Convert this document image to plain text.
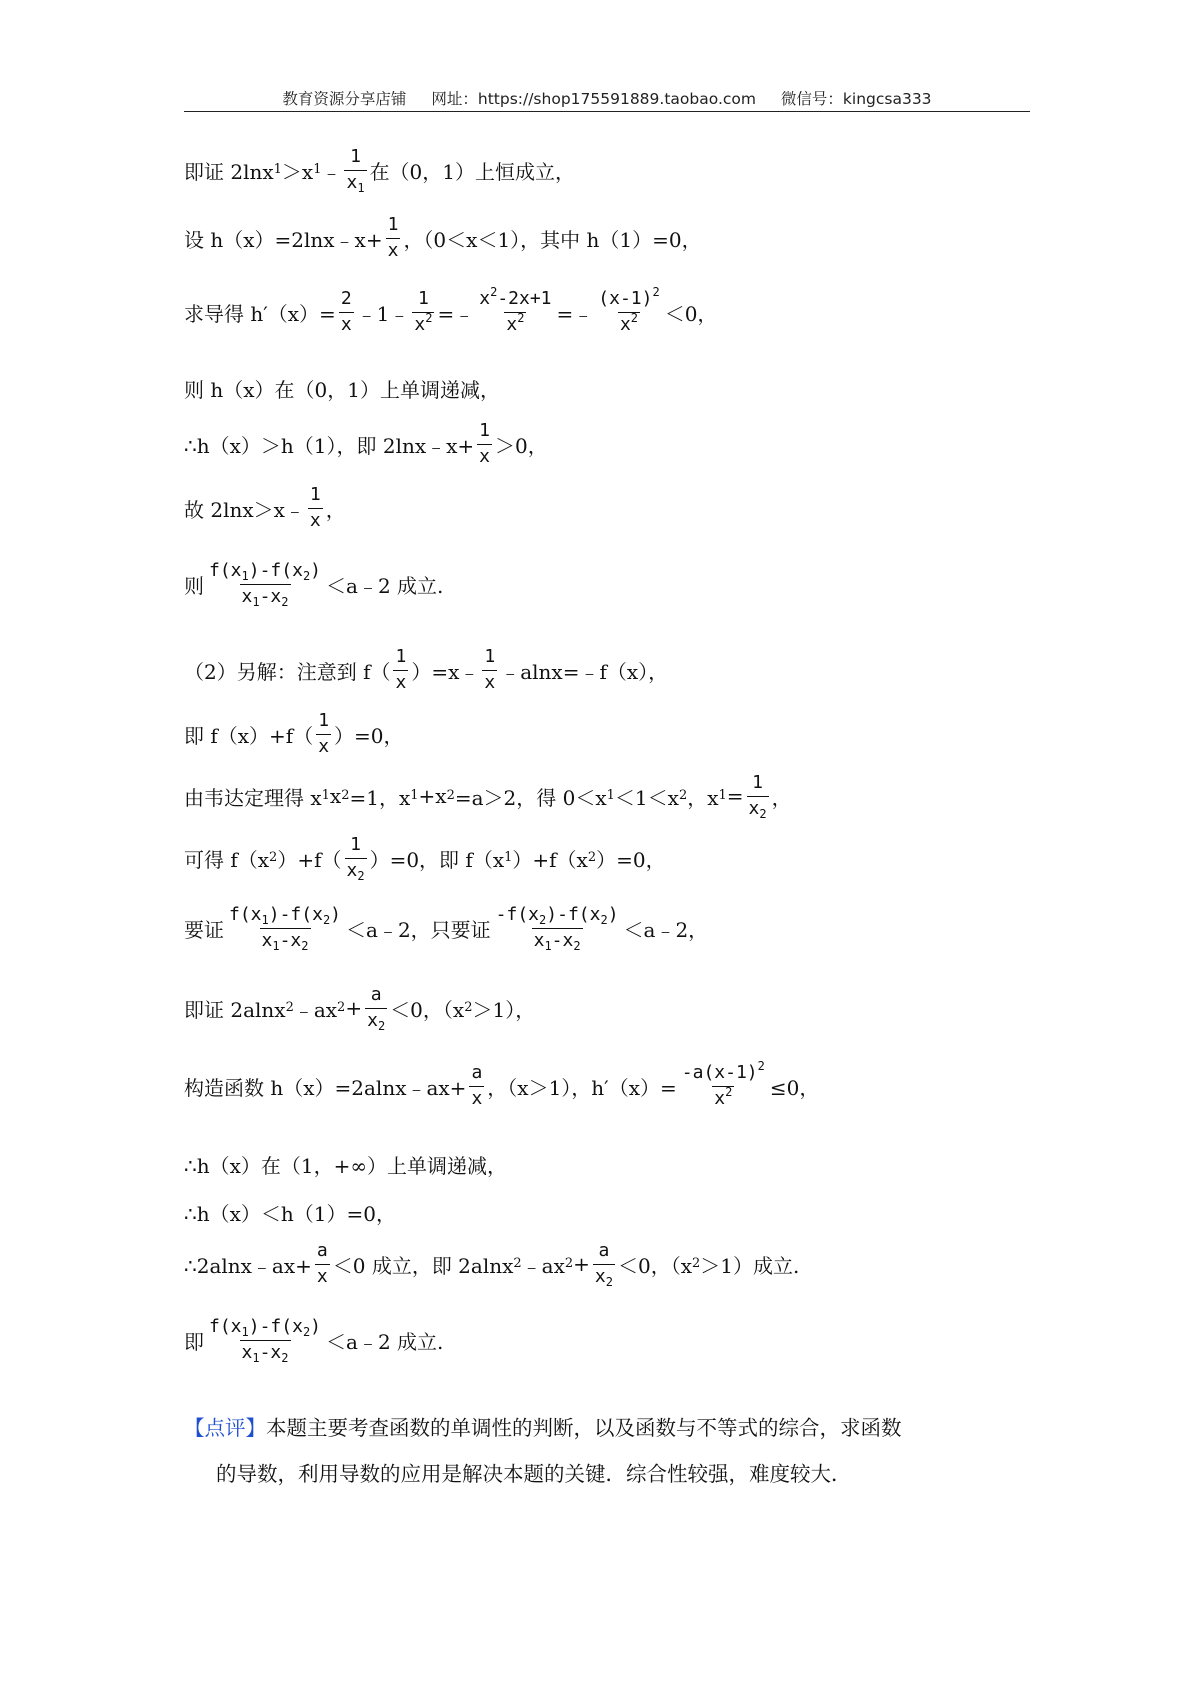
教育资源分享店铺 网址：https://shop175591889.taobao.com 微信号：kingcsa333
即证 2lnx 1 ＞x 1 ﹣ $\frac{1}{x_1}$ 在（0，1）上恒成立，
设 h（x）=2lnx﹣x+ $\frac{1}{x}$ ，（0＜x＜1），其中 h（1）=0，
求导得 $h'(x)= \frac{2}{x}$ ﹣1﹣ $\frac{1}{x^2}$ =﹣ $\frac{x^2-2x+1}{x^2}$ =﹣ $\frac{(x-1)^2}{x^2} <0$，
则 h（x）在（0，1）上单调递减，
∴h（x）＞h（1），即 2lnx﹣x+ $\frac{1}{x} >0$，
故 2lnx＞x﹣ $\frac{1}{x}$ ，
则 $\frac{f(x_1)-f(x_2)}{x_1-x_2}$ ＜a﹣2 成立.
（2）另解：注意到 $f( \frac{1}{x}$ ）=x﹣ $\frac{1}{x}$ ﹣alnx=﹣f（x），
即 $f(x)+f( \frac{1}{x} )=0$，
由韦达定理得 x 1 x 2 =1，x 1 +x 2 =a＞2，得 0＜x 1 ＜1＜x 2 ，x $1 = \frac{1}{x_2}$ ，
可得 f（x 2 ）$+f( \frac{1}{x_2} )=0$，即 f（x 1 ）+f（x 2 ）=0，
要证 $\frac{f(x_1)-f(x_2)}{x_1-x_2}$ ＜a﹣2，只要证 $\frac{-f(x_2)-f(x_2)}{x_1-x_2}$ ＜a﹣2，
即证 2alnx 2 ﹣ax $2 + \frac{a}{x_2} <0$，（x 2 ＞1），
构造函数 h（x）=2alnx﹣ax+ $\frac{a}{x}$ ，（x＞1），$h'(x)= \frac{-a(x-1)^2}{x^2} \le 0$，
∴h（x）在（1，+∞）上单调递减，
∴h（x）＜h（1）=0，
∴2alnx﹣ax+ $\frac{a}{x} <0$ 成立，即 2alnx 2 ﹣ax $2 + \frac{a}{x_2} <0$，（x 2 ＞1）成立.
即 $\frac{f(x_1)-f(x_2)}{x_1-x_2}$ ＜a﹣2 成立.
【点评】本题主要考查函数的单调性的判断，以及函数与不等式的综合，求函数
的导数，利用导数的应用是解决本题的关键．综合性较强，难度较大．
